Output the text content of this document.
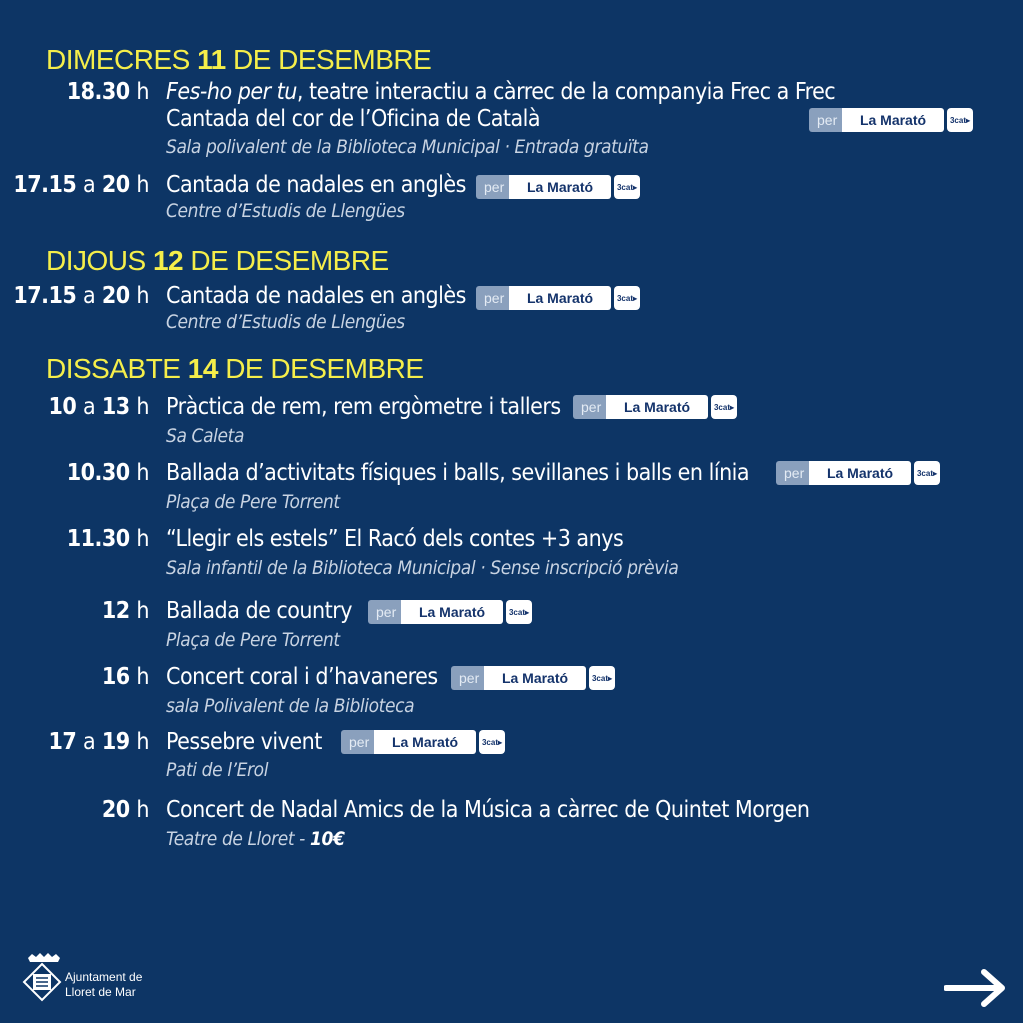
DIMECRES 11 DE DESEMBRE
18.30 h Fes-ho per tu, teatre interactiu a càrrec de la companyia Frec a Frec
Cantada del cor de l’Oficina de Català	per	La Marató	3cat▸
Sala polivalent de la Biblioteca Municipal · Entrada gratuïta
17.15 a 20 h Cantada de nadales en anglès	per	La Marató	3cat▸
Centre d’Estudis de Llengües
DIJOUS 12 DE DESEMBRE
17.15 a 20 h Cantada de nadales en anglès	per	La Marató	3cat▸
Centre d’Estudis de Llengües
DISSABTE 14 DE DESEMBRE
10 a 13 h Pràctica de rem, rem ergòmetre i tallers	per	La Marató	3cat▸
Sa Caleta
10.30 h Ballada d’activitats físiques i balls, sevillanes i balls en línia	per	La Marató	3cat▸
Plaça de Pere Torrent
11.30 h “Llegir els estels” El Racó dels contes +3 anys
Sala infantil de la Biblioteca Municipal · Sense inscripció prèvia
12 h Ballada de country	per	La Marató	3cat▸
Plaça de Pere Torrent
16 h Concert coral i d’havaneres	per	La Marató	3cat▸
sala Polivalent de la Biblioteca
17 a 19 h Pessebre vivent	per	La Marató	3cat▸
Pati de l’Erol
20 h Concert de Nadal Amics de la Música a càrrec de Quintet Morgen
Teatre de Lloret - 10€
Ajuntament de
Lloret de Mar
